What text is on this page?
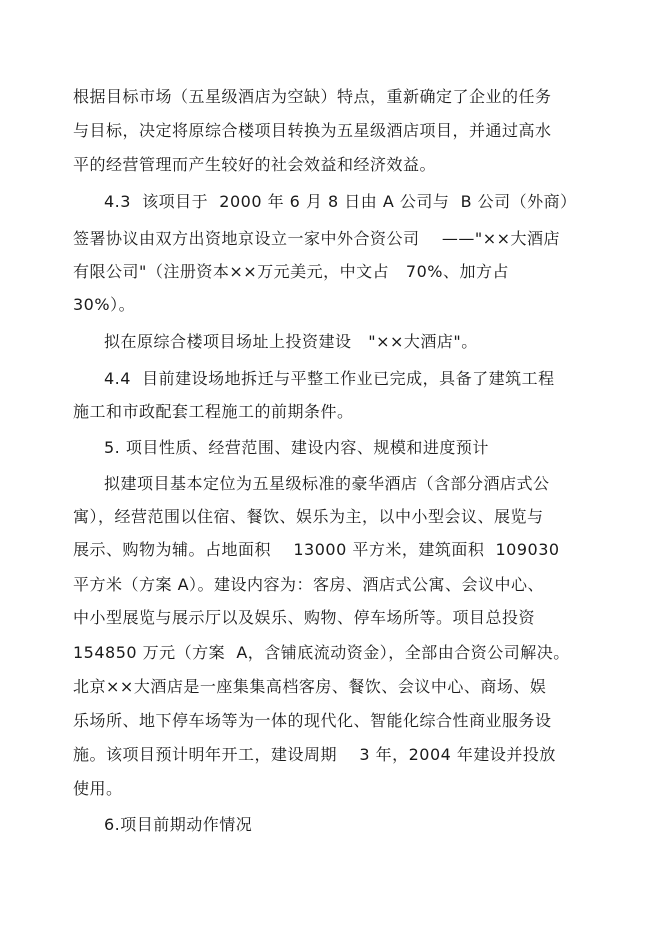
根据目标市场（五星级酒店为空缺）特点，重新确定了企业的任务
与目标，决定将原综合楼项目转换为五星级酒店项目，并通过高水
平的经营管理而产生较好的社会效益和经济效益。
4.3  该项目于  2000 年 6 月 8 日由 A 公司与  B 公司（外商）
签署协议由双方出资地京设立一家中外合资公司    ——"××大酒店
有限公司"（注册资本××万元美元，中文占   70%、加方占
30%）。
拟在原综合楼项目场址上投资建设   "××大酒店"。
4.4  目前建设场地拆迁与平整工作业已完成，具备了建筑工程
施工和市政配套工程施工的前期条件。
5. 项目性质、经营范围、建设内容、规模和进度预计
拟建项目基本定位为五星级标准的豪华酒店（含部分酒店式公
寓），经营范围以住宿、餐饮、娱乐为主，以中小型会议、展览与
展示、购物为辅。占地面积    13000 平方米，建筑面积  109030
平方米（方案 A）。建设内容为：客房、酒店式公寓、会议中心、
中小型展览与展示厅以及娱乐、购物、停车场所等。项目总投资
154850 万元（方案  A，含铺底流动资金），全部由合资公司解决。
北京××大酒店是一座集集高档客房、餐饮、会议中心、商场、娱
乐场所、地下停车场等为一体的现代化、智能化综合性商业服务设
施。该项目预计明年开工，建设周期    3 年，2004 年建设并投放
使用。
6.项目前期动作情况
